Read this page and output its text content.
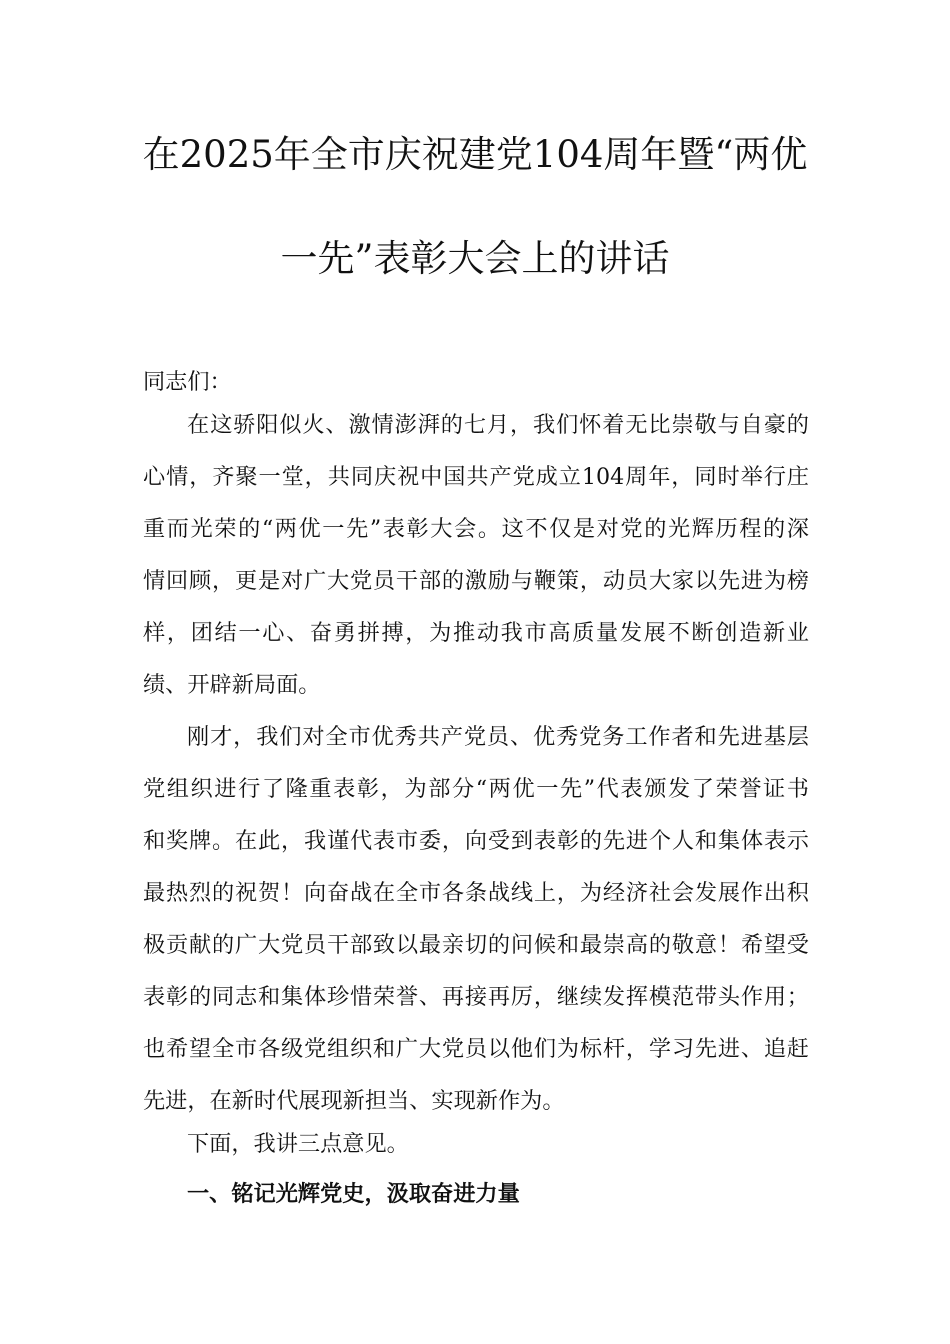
在2025年全市庆祝建党104周年暨“两优
一先”表彰大会上的讲话
同志们：
在这骄阳似火、激情澎湃的七月，我们怀着无比崇敬与自豪的
心情，齐聚一堂，共同庆祝中国共产党成立104周年，同时举行庄
重而光荣的“两优一先”表彰大会。这不仅是对党的光辉历程的深
情回顾，更是对广大党员干部的激励与鞭策，动员大家以先进为榜
样，团结一心、奋勇拼搏，为推动我市高质量发展不断创造新业
绩、开辟新局面。
刚才，我们对全市优秀共产党员、优秀党务工作者和先进基层
党组织进行了隆重表彰，为部分“两优一先”代表颁发了荣誉证书
和奖牌。在此，我谨代表市委，向受到表彰的先进个人和集体表示
最热烈的祝贺！向奋战在全市各条战线上，为经济社会发展作出积
极贡献的广大党员干部致以最亲切的问候和最崇高的敬意！希望受
表彰的同志和集体珍惜荣誉、再接再厉，继续发挥模范带头作用；
也希望全市各级党组织和广大党员以他们为标杆，学习先进、追赶
先进，在新时代展现新担当、实现新作为。
下面，我讲三点意见。
一、铭记光辉党史，汲取奋进力量
